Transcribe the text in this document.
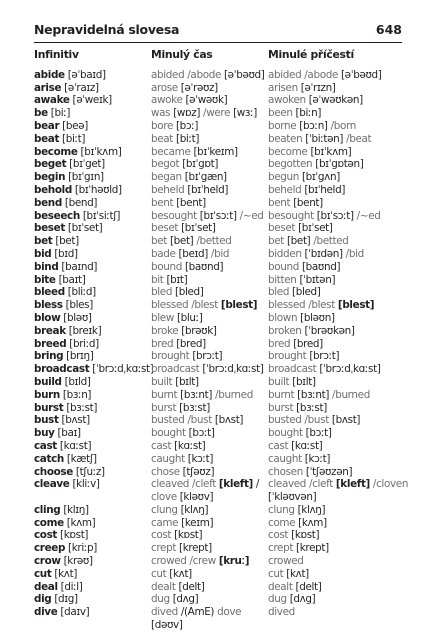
Nepravidelná slovesa	648
Infinitiv
abide [əˈbaɪd]
arise [əˈraɪz]
awake [əˈweɪk]
be [biː]
bear [beə]
beat [biːt]
become [bɪˈkʌm]
beget [bɪˈget]
begin [bɪˈgɪn]
behold [bɪˈhəʊld]
bend [bend]
beseech [bɪˈsiːtʃ]
beset [bɪˈset]
bet [bet]
bid [bɪd]
bind [baɪnd]
bite [baɪt]
bleed [bliːd]
bless [bles]
blow [bləʊ]
break [breɪk]
breed [briːd]
bring [brɪŋ]
broadcast [ˈbrɔːdˌkɑːst]
build [bɪld]
burn [bɜːn]
burst [bɜːst]
bust [bʌst]
buy [baɪ]
cast [kɑːst]
catch [kætʃ]
choose [tʃuːz]
cleave [kliːv]
cling [klɪŋ]
come [kʌm]
cost [kɒst]
creep [kriːp]
crow [krəʊ]
cut [kʌt]
deal [diːl]
dig [dɪg]
dive [daɪv]
Minulý čas
abided /abode [əˈbəʊd]
arose [əˈrəʊz]
awoke [əˈwəʊk]
was [wɒz] /were [wɜː]
bore [bɔː]
beat [biːt]
became [bɪˈkeɪm]
begot [bɪˈgɒt]
began [bɪˈgæn]
beheld [bɪˈheld]
bent [bent]
besought [bɪˈsɔːt] /~ed
beset [bɪˈset]
bet [bet] /betted
bade [beɪd] /bid
bound [baʊnd]
bit [bɪt]
bled [bled]
blessed /blest [blest]
blew [bluː]
broke [brəʊk]
bred [bred]
brought [brɔːt]
broadcast [ˈbrɔːdˌkɑːst]
built [bɪlt]
burnt [bɜːnt] /burned
burst [bɜːst]
busted /bust [bʌst]
bought [bɔːt]
cast [kɑːst]
caught [kɔːt]
chose [tʃəʊz]
cleaved /cleft [kleft] /
clove [kləʊv]
clung [klʌŋ]
came [keɪm]
cost [kɒst]
crept [krept]
crowed /crew [kruː]
cut [kʌt]
dealt [delt]
dug [dʌg]
dived /(AmE) dove
[dəʊv]
Minulé příčestí
abided /abode [əˈbəʊd]
arisen [əˈrɪzn]
awoken [əˈwəʊkən]
been [biːn]
borne [bɔːn] /born
beaten [ˈbiːtən] /beat
become [bɪˈkʌm]
begotten [bɪˈgɒtən]
begun [bɪˈgʌn]
beheld [bɪˈheld]
bent [bent]
besought [bɪˈsɔːt] /~ed
beset [bɪˈset]
bet [bet] /betted
bidden [ˈbɪdən] /bid
bound [baʊnd]
bitten [ˈbɪtən]
bled [bled]
blessed /blest [blest]
blown [bləʊn]
broken [ˈbrəʊkən]
bred [bred]
brought [brɔːt]
broadcast [ˈbrɔːdˌkɑːst]
built [bɪlt]
burnt [bɜːnt] /burned
burst [bɜːst]
busted /bust [bʌst]
bought [bɔːt]
cast [kɑːst]
caught [kɔːt]
chosen [ˈtʃəʊzən]
cleaved /cleft [kleft] /cloven
[ˈkləʊvən]
clung [klʌŋ]
come [kʌm]
cost [kɒst]
crept [krept]
crowed
cut [kʌt]
dealt [delt]
dug [dʌg]
dived
